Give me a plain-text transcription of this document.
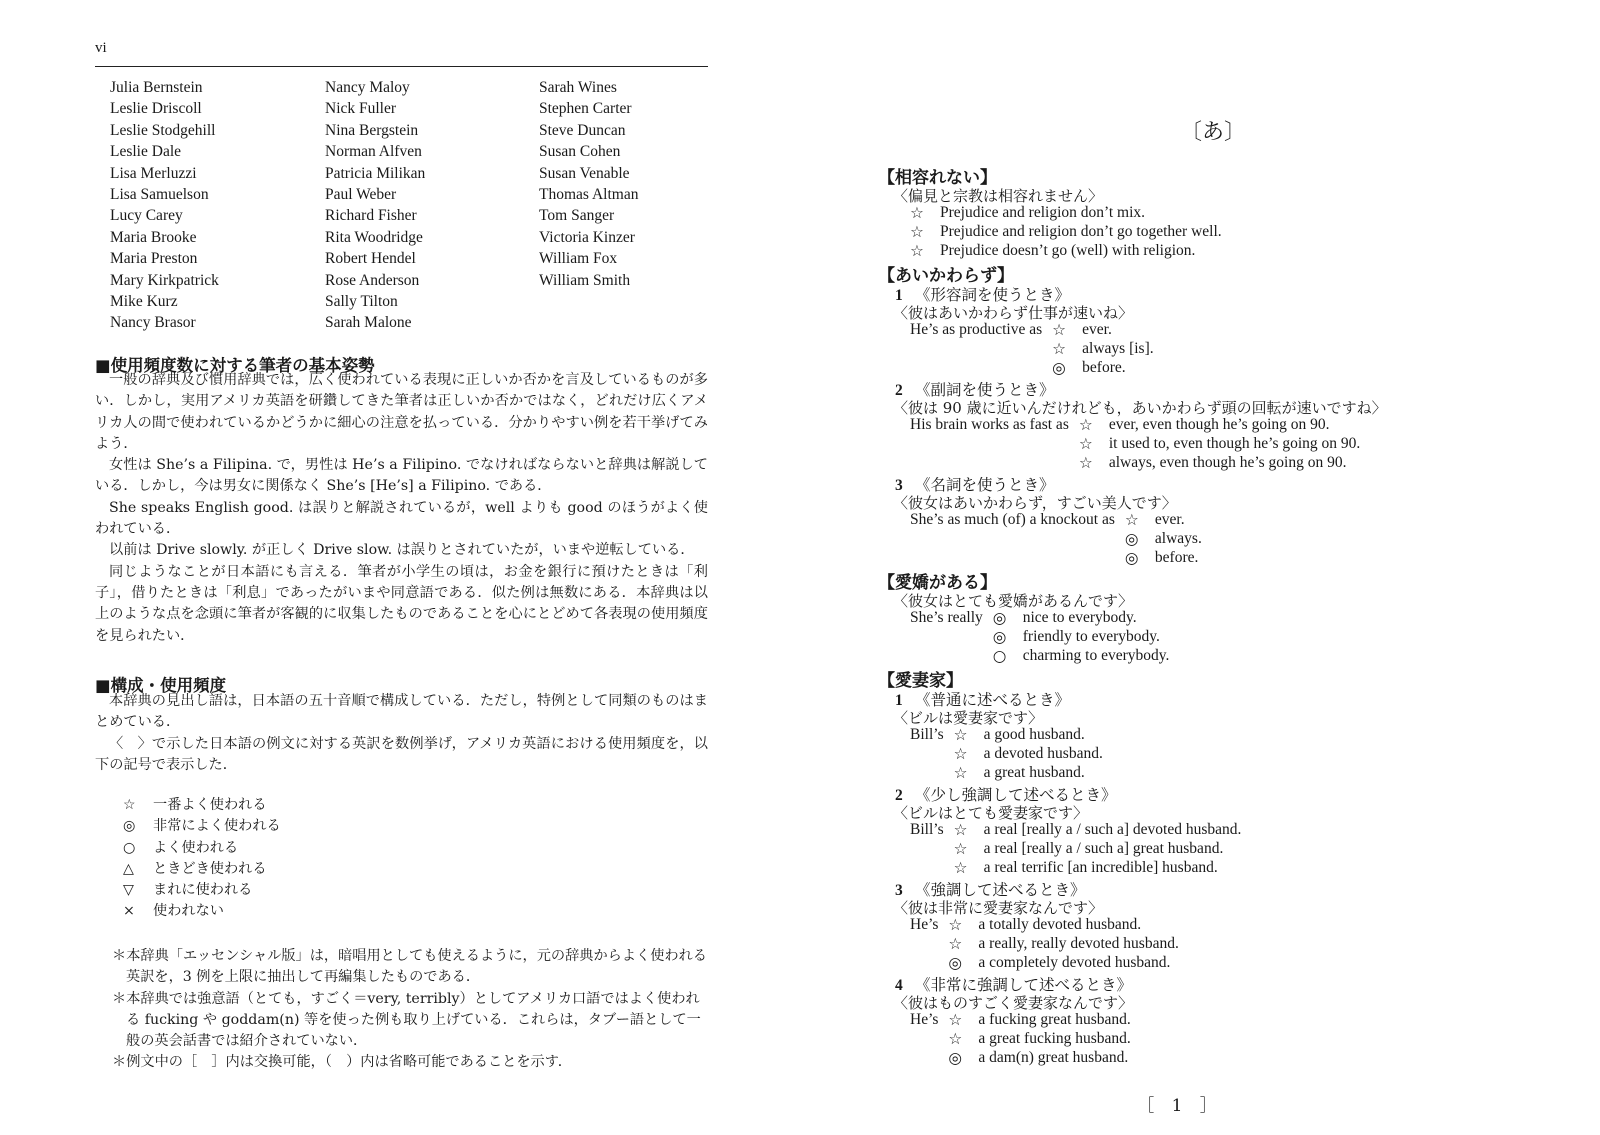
vi
Julia Bernstein
Leslie Driscoll
Leslie Stodgehill
Leslie Dale
Lisa Merluzzi
Lisa Samuelson
Lucy Carey
Maria Brooke
Maria Preston
Mary Kirkpatrick
Mike Kurz
Nancy Brasor
Nancy Maloy
Nick Fuller
Nina Bergstein
Norman Alfven
Patricia Milikan
Paul Weber
Richard Fisher
Rita Woodridge
Robert Hendel
Rose Anderson
Sally Tilton
Sarah Malone
Sarah Wines
Stephen Carter
Steve Duncan
Susan Cohen
Susan Venable
Thomas Altman
Tom Sanger
Victoria Kinzer
William Fox
William Smith
■使用頻度数に対する筆者の基本姿勢

一般の辞典及び慣用辞典では，広く使われている表現に正しいか否かを言及しているものが多い．しかし，実用アメリカ英語を研鑽してきた筆者は正しいか否かではなく，どれだけ広くアメリカ人の間で使われているかどうかに細心の注意を払っている．分かりやすい例を若干挙げてみよう．

女性は She’s a Filipina. で，男性は He’s a Filipino. でなければならないと辞典は解説している．しかし，今は男女に関係なく She’s [He’s] a Filipino. である．

She speaks English good. は誤りと解説されているが，well よりも good のほうがよく使われている．

以前は Drive slowly. が正しく Drive slow. は誤りとされていたが，いまや逆転している．

同じようなことが日本語にも言える．筆者が小学生の頃は，お金を銀行に預けたときは「利子」，借りたときは「利息」であったがいまや同意語である．似た例は無数にある．本辞典は以上のような点を念頭に筆者が客観的に収集したものであることを心にとどめて各表現の使用頻度を見られたい．

■構成・使用頻度

本辞典の見出し語は，日本語の五十音順で構成している．ただし，特例として同類のものはまとめている．

〈　〉で示した日本語の例文に対する英訳を数例挙げ，アメリカ英語における使用頻度を，以下の記号で表示した．

☆ 一番よく使われる
◎ 非常によく使われる
○ よく使われる
△ ときどき使われる
▽ まれに使われる
× 使われない

＊本辞典「エッセンシャル版」は，暗唱用としても使えるように，元の辞典からよく使われる英訳を，3 例を上限に抽出して再編集したものである．

＊本辞典では強意語（とても，すごく＝very, terribly）としてアメリカ口語ではよく使われる fucking や goddam(n) 等を使った例も取り上げている．これらは，タブー語として一般の英会話書では紹介されていない．

＊例文中の［　］内は交換可能，（　）内は省略可能であることを示す．

〔あ〕
【相容れない】
〈偏見と宗教は相容れません〉
☆ Prejudice and religion don’t mix.
☆ Prejudice and religion don’t go together well.
☆ Prejudice doesn’t go (well) with religion.
【あいかわらず】
1 《形容詞を使うとき》
〈彼はあいかわらず仕事が速いね〉
He’s as productive as ☆ ever.
☆ always [is].
◎ before.
2 《副詞を使うとき》
〈彼は 90 歳に近いんだけれども，あいかわらず頭の回転が速いですね〉
His brain works as fast as ☆ ever, even though he’s going on 90.
☆ it used to, even though he’s going on 90.
☆ always, even though he’s going on 90.
3 《名詞を使うとき》
〈彼女はあいかわらず，すごい美人です〉
She’s as much (of) a knockout as ☆ ever.
◎ always.
◎ before.
【愛嬌がある】
〈彼女はとても愛嬌があるんです〉
She’s really ◎ nice to everybody.
◎ friendly to everybody.
○ charming to everybody.
【愛妻家】
1 《普通に述べるとき》
〈ビルは愛妻家です〉
Bill’s ☆ a good husband.
☆ a devoted husband.
☆ a great husband.
2 《少し強調して述べるとき》
〈ビルはとても愛妻家です〉
Bill’s ☆ a real [really a / such a] devoted husband.
☆ a real [really a / such a] great husband.
☆ a real terrific [an incredible] husband.
3 《強調して述べるとき》
〈彼は非常に愛妻家なんです〉
He’s ☆ a totally devoted husband.
☆ a really, really devoted husband.
◎ a completely devoted husband.
4 《非常に強調して述べるとき》
〈彼はものすごく愛妻家なんです〉
He’s ☆ a fucking great husband.
☆ a great fucking husband.
◎ a dam(n) great husband.
［ 1 ］
